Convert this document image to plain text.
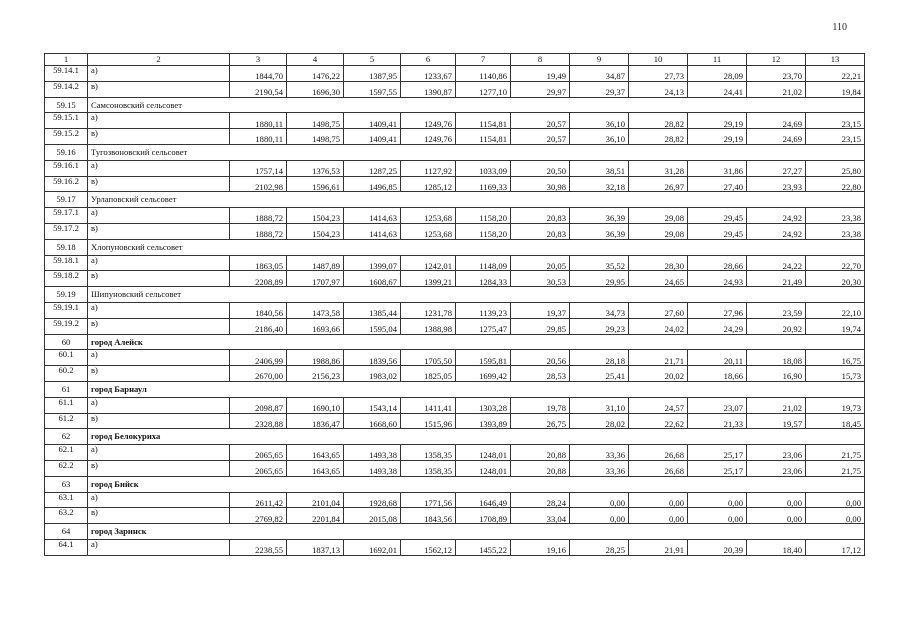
110
1	2	3	4	5	6	7	8	9	10	11	12	13
59.14.1	а)	1844,70	1476,22	1387,95	1233,67	1140,86	19,49	34,87	27,73	28,09	23,70	22,21
59.14.2	в)	2190,54	1696,30	1597,55	1390,87	1277,10	29,97	29,37	24,13	24,41	21,02	19,84
59.15	Самсоновский сельсовет											
59.15.1	а)	1880,11	1498,75	1409,41	1249,76	1154,81	20,57	36,10	28,82	29,19	24,69	23,15
59.15.2	в)	1880,11	1498,75	1409,41	1249,76	1154,81	20,57	36,10	28,82	29,19	24,69	23,15
59.16	Тугозвоновский сельсовет											
59.16.1	а)	1757,14	1376,53	1287,25	1127,92	1033,09	20,50	38,51	31,28	31,86	27,27	25,80
59.16.2	в)	2102,98	1596,61	1496,85	1285,12	1169,33	30,98	32,18	26,97	27,40	23,93	22,80
59.17	Урлаповский сельсовет											
59.17.1	а)	1888,72	1504,23	1414,63	1253,68	1158,20	20,83	36,39	29,08	29,45	24,92	23,38
59.17.2	в)	1888,72	1504,23	1414,63	1253,68	1158,20	20,83	36,39	29,08	29,45	24,92	23,38
59.18	Хлопуновский сельсовет											
59.18.1	а)	1863,05	1487,89	1399,07	1242,01	1148,09	20,05	35,52	28,30	28,66	24,22	22,70
59.18.2	в)	2208,89	1707,97	1608,67	1399,21	1284,33	30,53	29,95	24,65	24,93	21,49	20,30
59.19	Шипуновский сельсовет											
59.19.1	а)	1840,56	1473,58	1385,44	1231,78	1139,23	19,37	34,73	27,60	27,96	23,59	22,10
59.19.2	в)	2186,40	1693,66	1595,04	1388,98	1275,47	29,85	29,23	24,02	24,29	20,92	19,74
60	город Алейск											
60.1	а)	2406,99	1988,86	1839,56	1705,50	1595,81	20,56	28,18	21,71	20,11	18,08	16,75
60.2	в)	2670,00	2156,23	1983,02	1825,05	1699,42	28,53	25,41	20,02	18,66	16,90	15,73
61	город Барнаул											
61.1	а)	2098,87	1690,10	1543,14	1411,41	1303,28	19,78	31,10	24,57	23,07	21,02	19,73
61.2	в)	2328,88	1836,47	1668,60	1515,96	1393,89	26,75	28,02	22,62	21,33	19,57	18,45
62	город Белокуриха											
62.1	а)	2065,65	1643,65	1493,38	1358,35	1248,01	20,88	33,36	26,68	25,17	23,06	21,75
62.2	в)	2065,65	1643,65	1493,38	1358,35	1248,01	20,88	33,36	26,68	25,17	23,06	21,75
63	город Бийск											
63.1	а)	2611,42	2101,04	1928,68	1771,56	1646,49	28,24	0,00	0,00	0,00	0,00	0,00
63.2	в)	2769,82	2201,84	2015,08	1843,56	1708,89	33,04	0,00	0,00	0,00	0,00	0,00
64	город Заринск											
64.1	а)	2238,55	1837,13	1692,01	1562,12	1455,22	19,16	28,25	21,91	20,39	18,40	17,12
